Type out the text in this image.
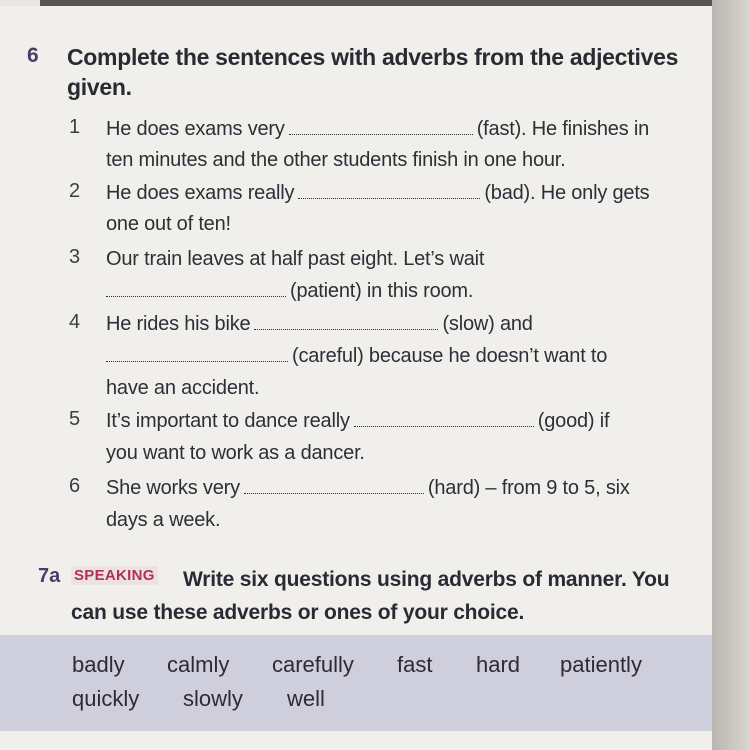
6 Complete the sentences with adverbs from the adjectives given.
1 He does exams very	(fast). He finishes in
ten minutes and the other students finish in one hour.
2 He does exams really	(bad). He only gets
one out of ten!
3 Our train leaves at half past eight. Let’s wait
(patient) in this room.
4 He rides his bike	(slow) and
(careful) because he doesn’t want to
have an accident.
5 It’s important to dance really	(good) if
you want to work as a dancer.
6 She works very	(hard) – from 9 to 5, six
days a week.
7a	Write six questions using adverbs of manner. You can use these adverbs or ones of your choice.
SPEAKING
badly calmly carefully fast hard patiently
quickly slowly well
